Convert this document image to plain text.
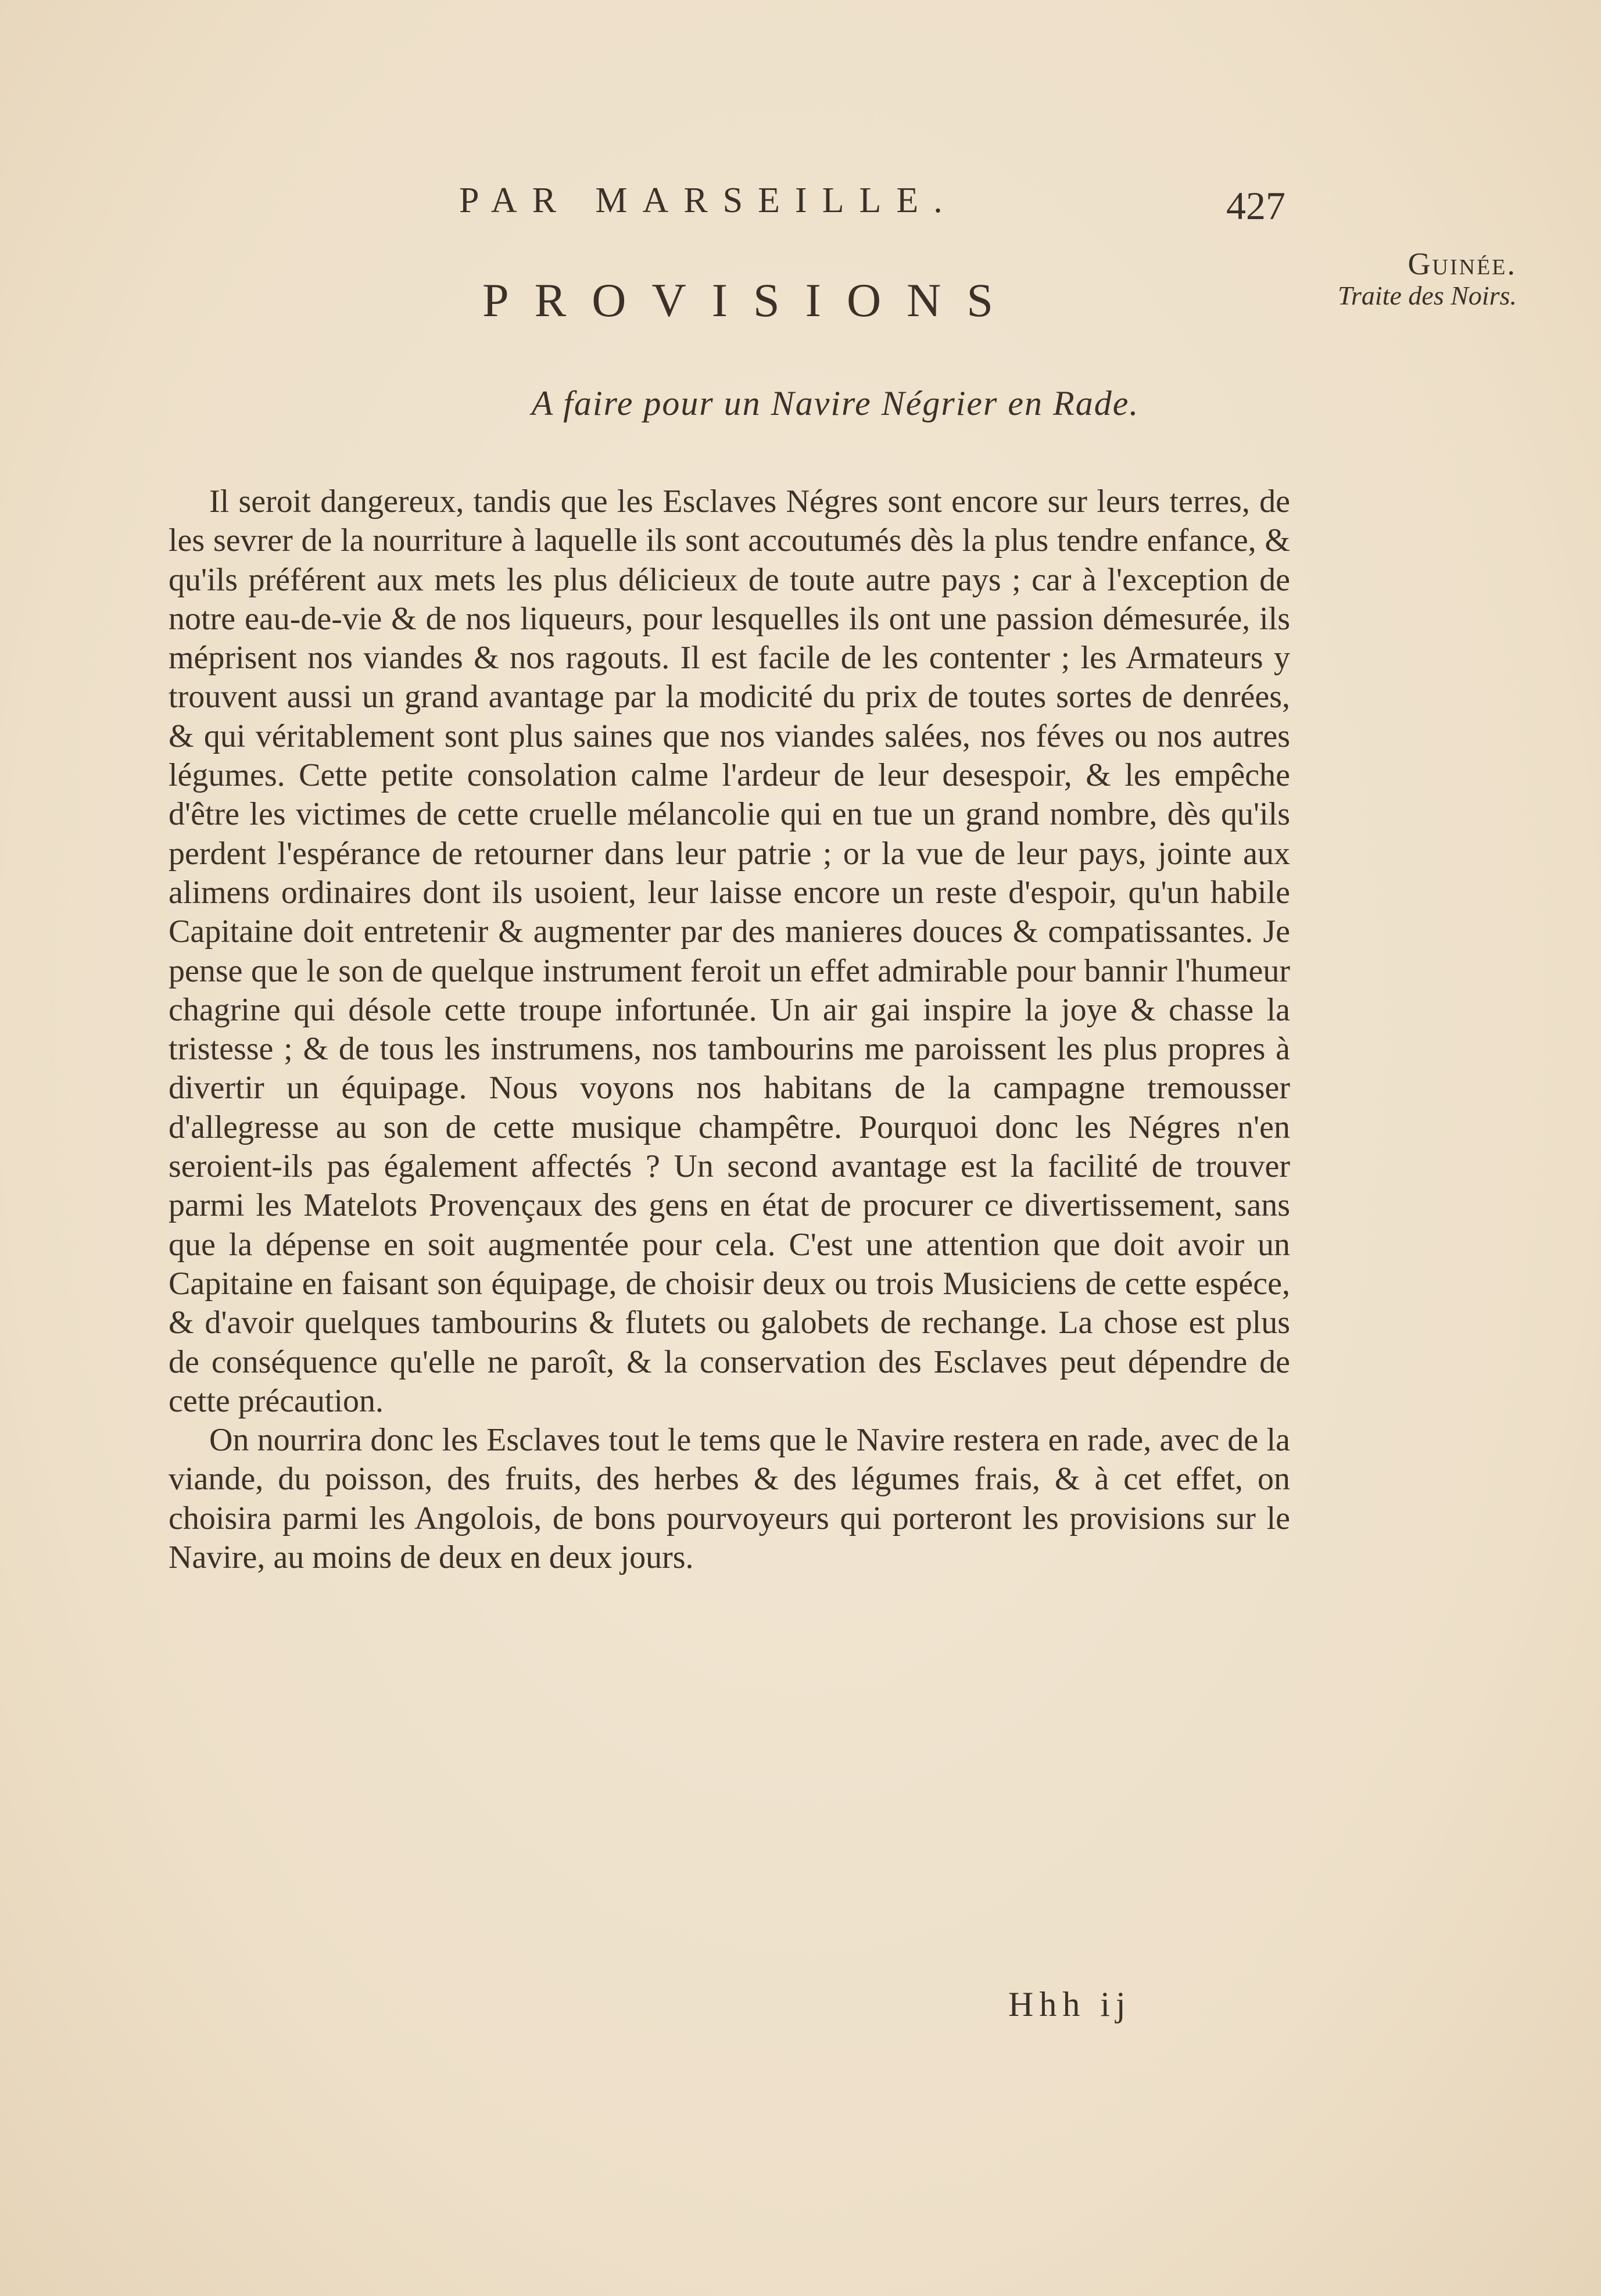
PAR MARSEILLE.	427
Guinée.
Traite des Noirs.
PROVISIONS
A faire pour un Navire Négrier en Rade.

Il seroit dangereux, tandis que les Esclaves Négres sont encore sur leurs terres, de les sevrer de la nourriture à laquelle ils sont accoutumés dès la plus tendre enfance, & qu'ils préférent aux mets les plus délicieux de toute autre pays ; car à l'exception de notre eau-de-vie & de nos liqueurs, pour lesquelles ils ont une passion démesurée, ils méprisent nos viandes & nos ragouts. Il est facile de les contenter ; les Armateurs y trouvent aussi un grand avantage par la modicité du prix de toutes sortes de denrées, & qui véritablement sont plus saines que nos viandes salées, nos féves ou nos autres légumes. Cette petite consolation calme l'ardeur de leur desespoir, & les empêche d'être les victimes de cette cruelle mélancolie qui en tue un grand nombre, dès qu'ils perdent l'espérance de retourner dans leur patrie ; or la vue de leur pays, jointe aux alimens ordinaires dont ils usoient, leur laisse encore un reste d'espoir, qu'un habile Capitaine doit entretenir & augmenter par des manieres douces & compatissantes. Je pense que le son de quelque instrument feroit un effet admirable pour bannir l'humeur chagrine qui désole cette troupe infortunée. Un air gai inspire la joye & chasse la tristesse ; & de tous les instrumens, nos tambourins me paroissent les plus propres à divertir un équipage. Nous voyons nos habitans de la campagne tremousser d'allegresse au son de cette musique champêtre. Pourquoi donc les Négres n'en seroient-ils pas également affectés ? Un second avantage est la facilité de trouver parmi les Matelots Provençaux des gens en état de procurer ce divertissement, sans que la dépense en soit augmentée pour cela. C'est une attention que doit avoir un Capitaine en faisant son équipage, de choisir deux ou trois Musiciens de cette espéce, & d'avoir quelques tambourins & flutets ou galobets de rechange. La chose est plus de conséquence qu'elle ne paroît, & la conservation des Esclaves peut dépendre de cette précaution.

On nourrira donc les Esclaves tout le tems que le Navire restera en rade, avec de la viande, du poisson, des fruits, des herbes & des légumes frais, & à cet effet, on choisira parmi les Angolois, de bons pourvoyeurs qui porteront les provisions sur le Navire, au moins de deux en deux jours.

Hhh ij
